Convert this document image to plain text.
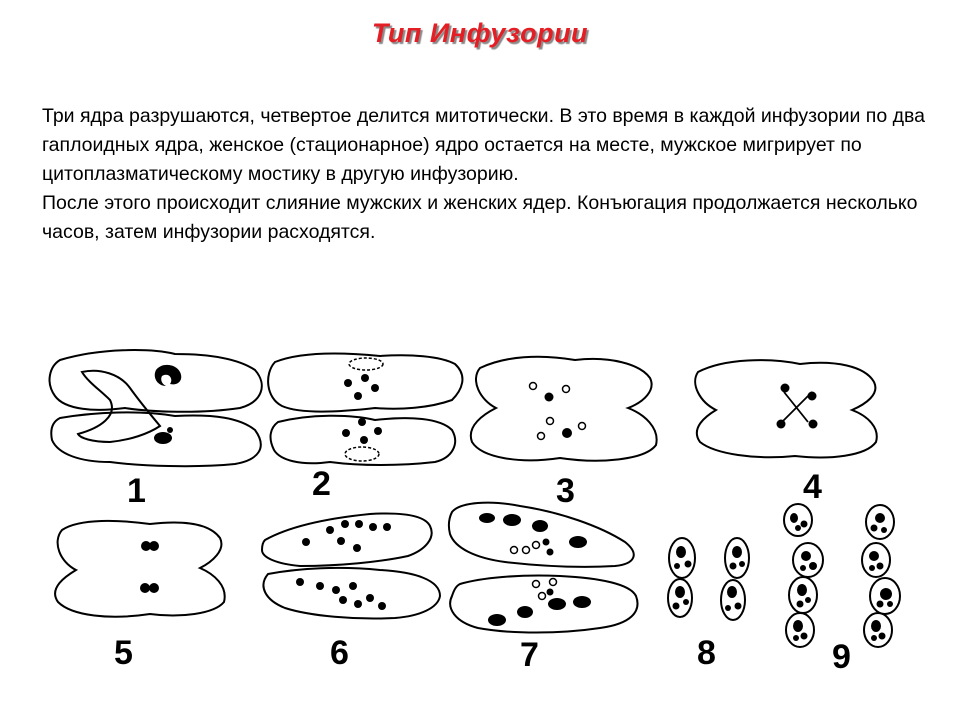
Тип Инфузории

Три ядра разрушаются, четвертое делится митотически. В это время в каждой инфузории по два гаплоидных ядра, женское (стационарное) ядро остается на месте, мужское мигрирует по цитоплазматическому мостику в другую инфузорию.

После этого происходит слияние мужских и женских ядер. Конъюгация продолжается несколько часов, затем инфузории расходятся.

1	2	3	4
5	6	7	8	9
